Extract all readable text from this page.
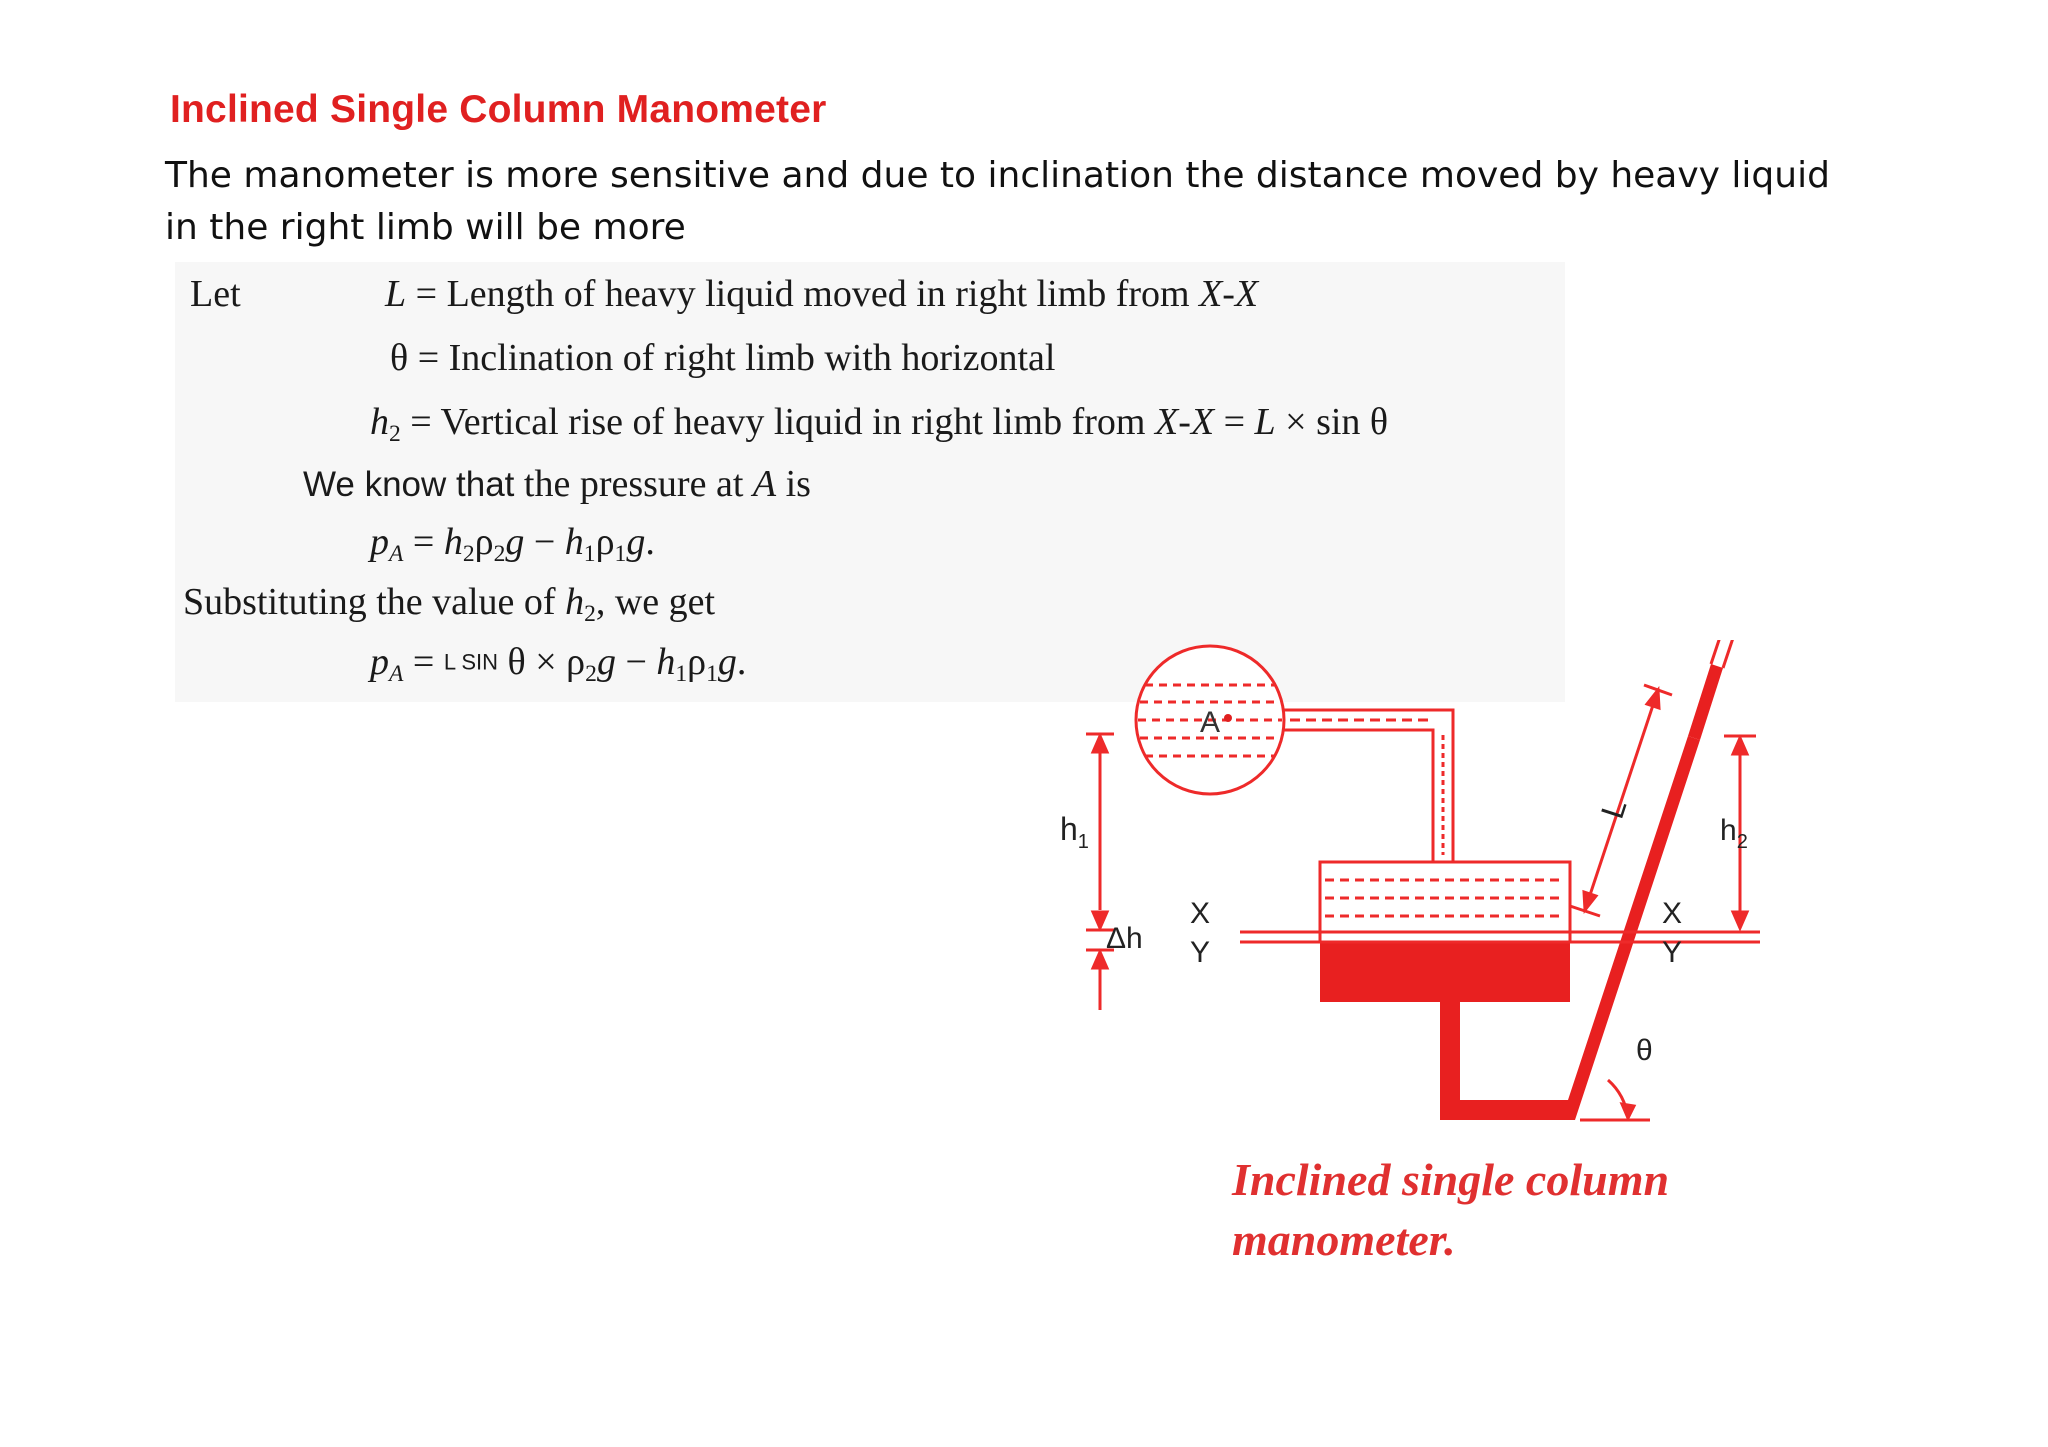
Inclined Single Column Manometer
The manometer is more sensitive and due to inclination the distance moved by heavy liquid
in the right limb will be more
Let	L = Length of heavy liquid moved in right limb from X-X
θ = Inclination of right limb with horizontal
$h_2$ = Vertical rise of heavy liquid in right limb from X-X = L × sin θ
We know that the pressure at A is
$p_A = h_2\rho_2g - h_1\rho_1g$.
Substituting the value of $h_2$, we get
$p_A = L$ SIN $\theta \times \rho_2g - h_1\rho_1g$.
A
$h_1$
Δh
X
Y
X
Y
L
$h_2$
θ
Inclined single column
manometer.
